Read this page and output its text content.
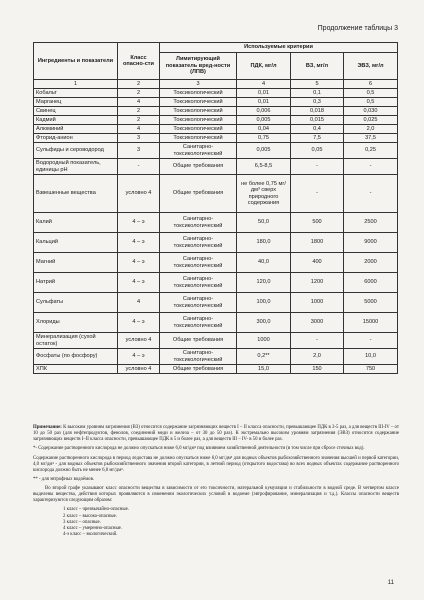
Продолжение таблицы 3
Ингредиенты и показатели	Класс опасно-сти	Используемые критерии			
		Лимитирующий показатель вред-ности (ЛПВ)	ПДК, мг/л	ВЗ, мг/л	ЭВЗ, мг/л
1	2	3	4	5	6
Кобальт	2	Токсикологический	0,01	0,1	0,5
Марганец	4	Токсикологический	0,01	0,3	0,5
Свинец	2	Токсикологический	0,006	0,018	0,030
Кадмий	2	Токсикологический	0,005	0,015	0,025
Алюминий	4	Токсикологический	0,04	0,4	2,0
Фторид-анион	3	Токсикологический	0,75	7,5	37,5
Сульфиды и сероводород	3	Санитарно-токсикологический	0,005	0,05	0,25
Водородный показатель, единицы рН	-	Общие требования	6,5-8,5	-	-
Взвешенные вещества	условно 4	Общие требования	не более 0,75 мг/дм³ сверх природного содержания	-	-
Калий	4 – э	Санитарно-токсикологический	50,0	500	2500
Кальций	4 – э	Санитарно-токсикологический	180,0	1800	9000
Магний	4 – э	Санитарно-токсикологический	40,0	400	2000
Натрий	4 – э	Санитарно-токсикологический	120,0	1200	6000
Сульфаты	4	Санитарно-токсикологический	100,0	1000	5000
Хлориды	4 – э	Санитарно-токсикологический	300,0	3000	15000
Минерализация (сухой остаток)	условно 4	Общие требования	1000	-	-
Фосфаты (по фосфору)	4 – э	Санитарно-токсикологический	0,2**	2,0	10,0
ХПК	условно 4	Общие требования	15,0	150	750

Примечание: К высоким уровням загрязнения (ВЗ) относится содержание загрязняющих веществ I – II класса опасности, превышающее ПДК в 3-5 раз, а для веществ III-IV – от 10 до 50 раз (для нефтепродуктов, фенолов, соединений меди и железа – от 30 до 50 раз). К экстремально высоким уровням загрязнения (ЭВЗ) относится содержание загрязняющих веществ I–II класса опасности, превышающее ПДК в 5 и более раз, а для веществ III – IV- в 50 и более раз.

*- Содержание растворенного кислорода не должно опускаться ниже 6,0 мг/дм³ под влиянием хозяйственной деятельности (в том числе при сбросе сточных вод).

Содержание растворенного кислорода в период ледостава не должно опускаться ниже 6,0 мг/дм³ для водных объектов рыбохозяйственного значения высшей и первой категории, 4,0 мг/дм³ - для водных объектов рыбохозяйственного значения второй категории, в летний период (открытого водостава) во всех водных объектах содержание растворенного кислорода должно быть не менее 6,0 мг/дм³.

** - для эвтрофных водоёмов.

Во второй графе указывают класс опасности вещества в зависимости от его токсичности, матеральной кумуляции и стабильности в водной среде. В четвертом классе выделены вещества, действия которых проявляются в изменении экологических условий в водоеме (эвтрофирование, минерализация и т.д.). Классы опасности веществ характеризуются следующим образом:

1 класс – чрезвычайно-опасные.
2 класс – высоко-опасные.
3 класс – опасные.
4 класс – умеренно-опасные.
4-э класс – экологический.
11
